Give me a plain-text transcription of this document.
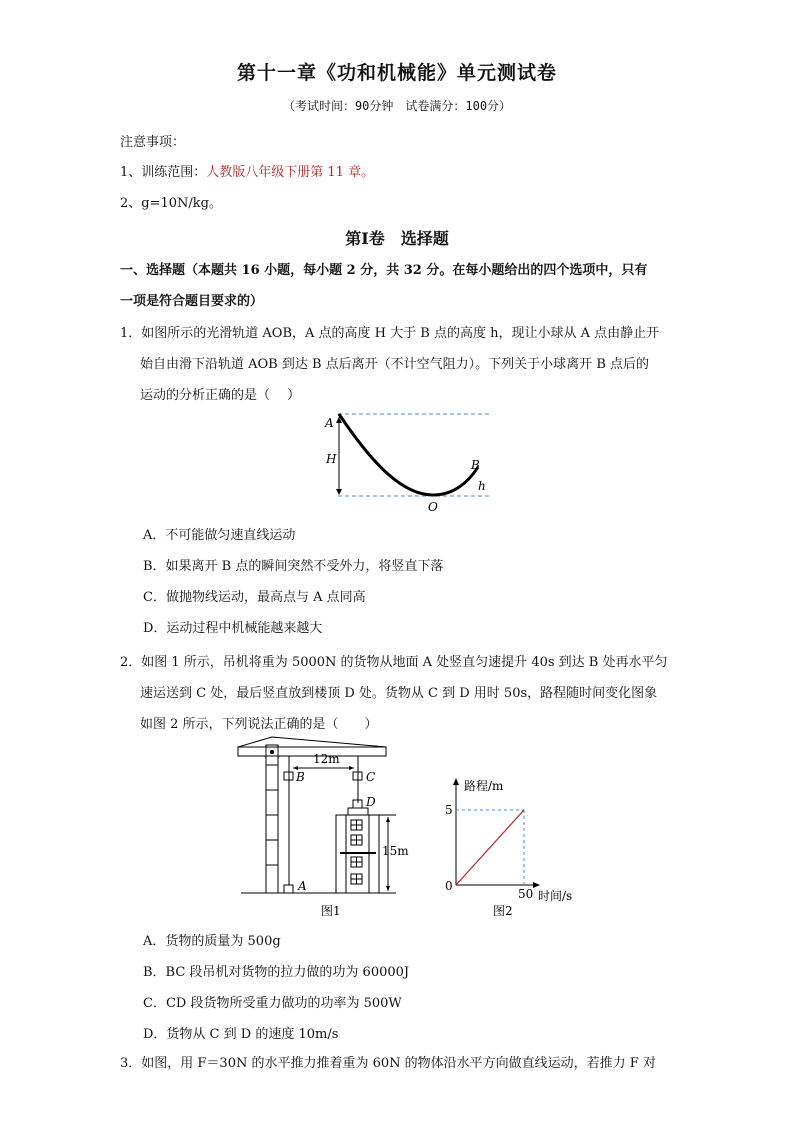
第十一章《功和机械能》单元测试卷
（考试时间：90分钟　试卷满分：100分）
注意事项：
1、训练范围：人教版八年级下册第 11 章。
2、g=10N/kg。
第Ⅰ卷　选择题
一、选择题（本题共 16 小题，每小题 2 分，共 32 分。在每小题给出的四个选项中，只有
一项是符合题目要求的）
1．如图所示的光滑轨道 AOB，A 点的高度 H 大于 B 点的高度 h，现让小球从 A 点由静止开
始自由滑下沿轨道 AOB 到达 B 点后离开（不计空气阻力）。下列关于小球离开 B 点后的
运动的分析正确的是（　 ）
A
H	B
h
O
A．不可能做匀速直线运动
B．如果离开 B 点的瞬间突然不受外力，将竖直下落
C．做抛物线运动，最高点与 A 点同高
D．运动过程中机械能越来越大
2．如图 1 所示，吊机将重为 5000N 的货物从地面 A 处竖直匀速提升 40s 到达 B 处再水平匀
速运送到 C 处，最后竖直放到楼顶 D 处。货物从 C 到 D 用时 50s，路程随时间变化图象
如图 2 所示，下列说法正确的是（　　）
12m
15m
B	C
D
A
图1
路程/m
5
0
50 时间/s
图2
A．货物的质量为 500g
B．BC 段吊机对货物的拉力做的功为 60000J
C．CD 段货物所受重力做功的功率为 500W
D．货物从 C 到 D 的速度 10m/s
3．如图，用 F＝30N 的水平推力推着重为 60N 的物体沿水平方向做直线运动，若推力 F 对
